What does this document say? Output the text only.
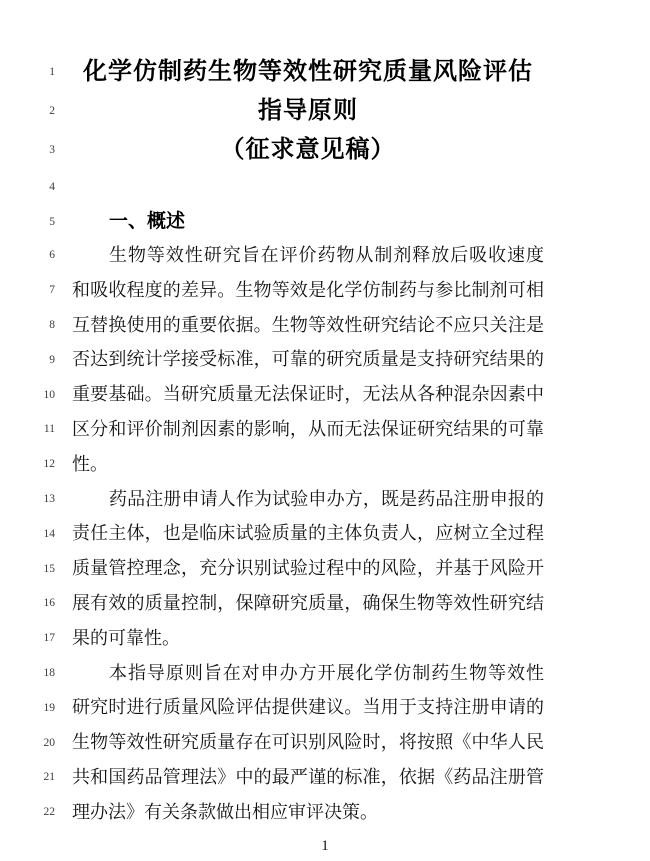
1	化学仿制药生物等效性研究质量风险评估
2	指导原则
3	（征求意见稿）
4
5	一、概述
6	生物等效性研究旨在评价药物从制剂释放后吸收速度
7 和吸收程度的差异。生物等效是化学仿制药与参比制剂可相
8 互替换使用的重要依据。生物等效性研究结论不应只关注是
9 否达到统计学接受标准，可靠的研究质量是支持研究结果的
10 重要基础。当研究质量无法保证时，无法从各种混杂因素中
11 区分和评价制剂因素的影响，从而无法保证研究结果的可靠
12 性。
13	药品注册申请人作为试验申办方，既是药品注册申报的
14 责任主体，也是临床试验质量的主体负责人，应树立全过程
15 质量管控理念，充分识别试验过程中的风险，并基于风险开
16 展有效的质量控制，保障研究质量，确保生物等效性研究结
17 果的可靠性。
18	本指导原则旨在对申办方开展化学仿制药生物等效性
19 研究时进行质量风险评估提供建议。当用于支持注册申请的
20 生物等效性研究质量存在可识别风险时，将按照《中华人民
21 共和国药品管理法》中的最严谨的标准，依据《药品注册管
22 理办法》有关条款做出相应审评决策。
1
